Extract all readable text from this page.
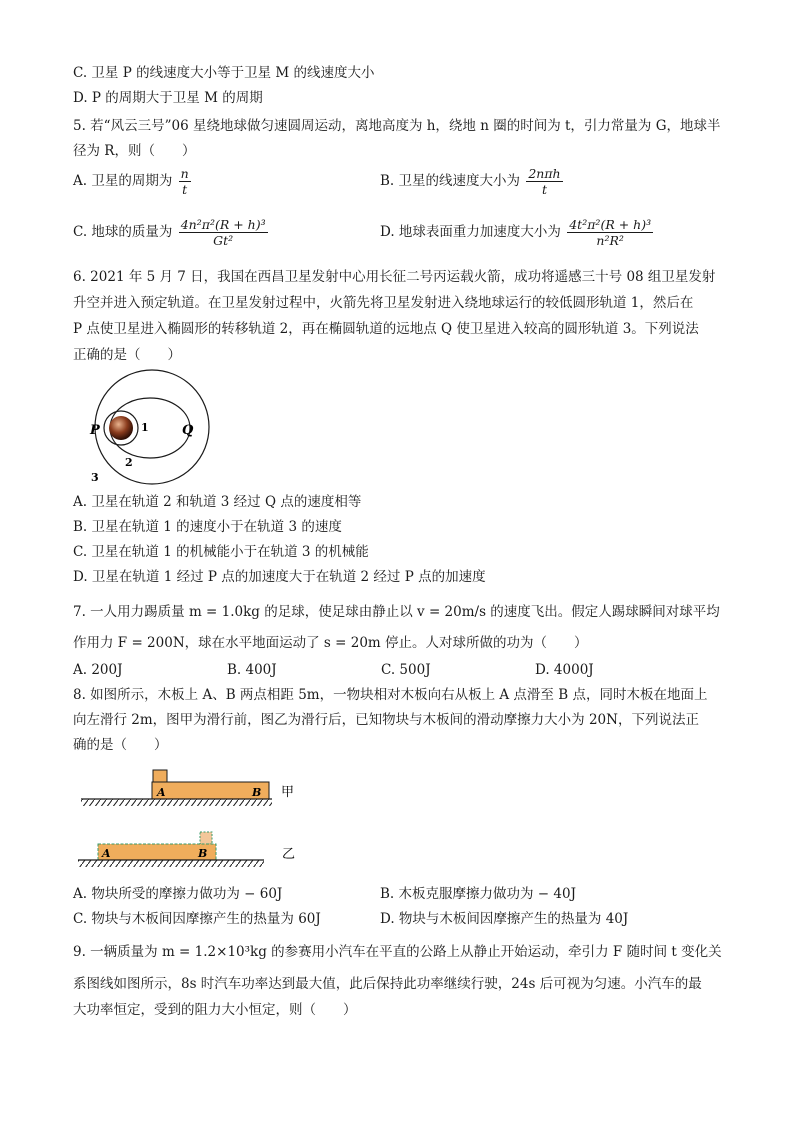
C. 卫星 P 的线速度大小等于卫星 M 的线速度大小
D. P 的周期大于卫星 M 的周期
5. 若“风云三号”06 星绕地球做匀速圆周运动，离地高度为 h，绕地 n 圈的时间为 t，引力常量为 G，地球半径为 R，则（　　）
A. 卫星的周期为 $\frac{n}{t}$	B. 卫星的线速度大小为 $\frac{\text{2nπh}}{t}$
C. 地球的质量为 $\frac{\text{4n²π²(R + h)³}}{\text{Gt²}}$	D. 地球表面重力加速度大小为 $\frac{\text{4t²π²(R + h)³}}{\text{n²R²}}$
6. 2021 年 5 月 7 日，我国在西昌卫星发射中心用长征二号丙运载火箭，成功将遥感三十号 08 组卫星发射
升空并进入预定轨道。在卫星发射过程中，火箭先将卫星发射进入绕地球运行的较低圆形轨道 1，然后在
P 点使卫星进入椭圆形的转移轨道 2，再在椭圆轨道的远地点 Q 使卫星进入较高的圆形轨道 3。下列说法
正确的是（　　）
P	1	Q
2
3
A. 卫星在轨道 2 和轨道 3 经过 Q 点的速度相等
B. 卫星在轨道 1 的速度小于在轨道 3 的速度
C. 卫星在轨道 1 的机械能小于在轨道 3 的机械能
D. 卫星在轨道 1 经过 P 点的加速度大于在轨道 2 经过 P 点的加速度
7. 一人用力踢质量 m = 1.0kg 的足球，使足球由静止以 v = 20m/s 的速度飞出。假定人踢球瞬间对球平均
作用力 F = 200N，球在水平地面运动了 s = 20m 停止。人对球所做的功为（　　）
A. 200J	B. 400J	C. 500J	D. 4000J
8. 如图所示，木板上 A、B 两点相距 5m，一物块相对木板向右从板上 A 点滑至 B 点，同时木板在地面上
向左滑行 2m，图甲为滑行前，图乙为滑行后，已知物块与木板间的滑动摩擦力大小为 20N，下列说法正
确的是（　　）
A	B 甲
A	B	乙
A. 物块所受的摩擦力做功为 − 60J	B. 木板克服摩擦力做功为 − 40J
C. 物块与木板间因摩擦产生的热量为 60J	D. 物块与木板间因摩擦产生的热量为 40J
9. 一辆质量为 m = 1.2×10³kg 的参赛用小汽车在平直的公路上从静止开始运动，牵引力 F 随时间 t 变化关
系图线如图所示，8s 时汽车功率达到最大值，此后保持此功率继续行驶，24s 后可视为匀速。小汽车的最
大功率恒定，受到的阻力大小恒定，则（　　）
